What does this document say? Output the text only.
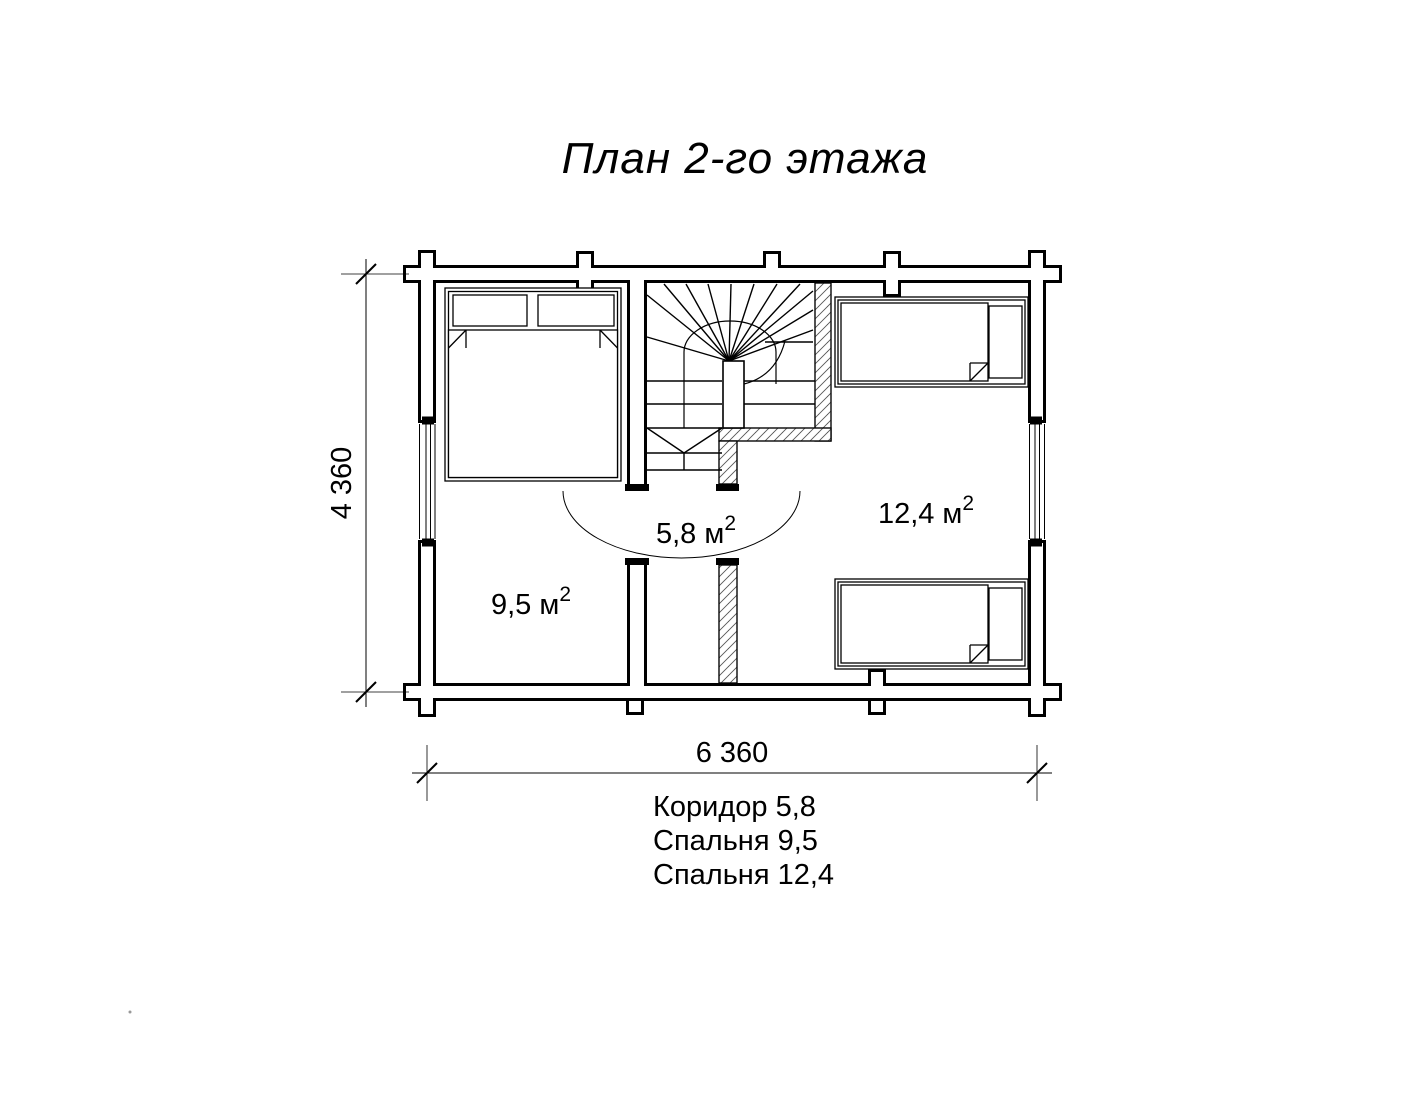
4 360
6 360
5,8 $м^2$	12,4 $м^2$
9,5 $м^2$
Коридор 5,8
Спальня 9,5
Спальня 12,4
План 2-го этажа
